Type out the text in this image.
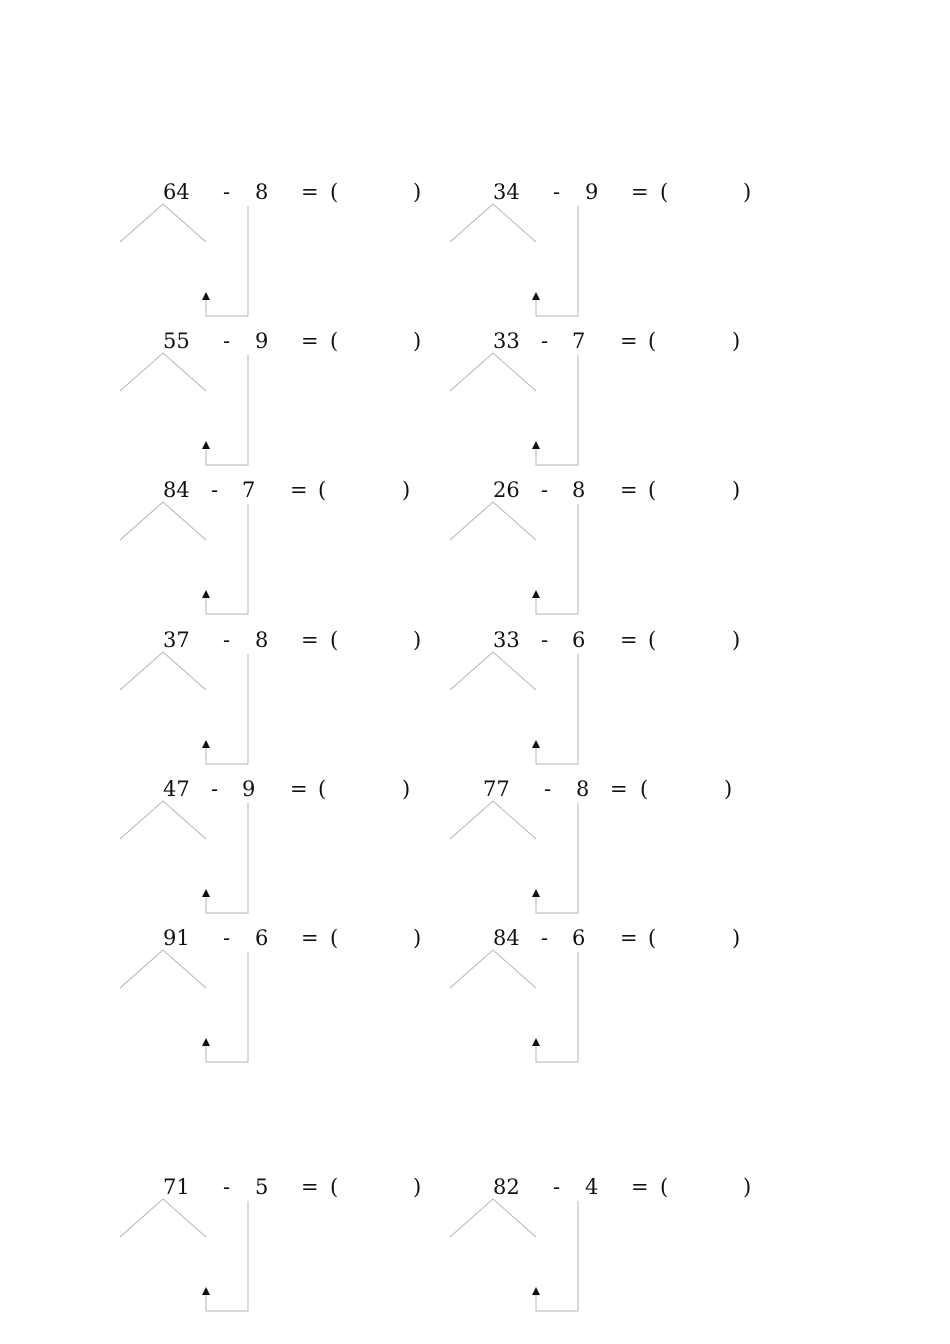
64 - 8 = (	)	34 - 9 = (	)
55 - 9 = (	)	33 - 7 = (	)
84 - 7 = (	)	26 - 8 = (	)
37 - 8 = (	)	33 - 6 = (	)
47 - 9 = (	)	77 - 8 = (	)
91 - 6 = (	)	84 - 6 = (	)
71 - 5 = (	)	82 - 4 = (	)
